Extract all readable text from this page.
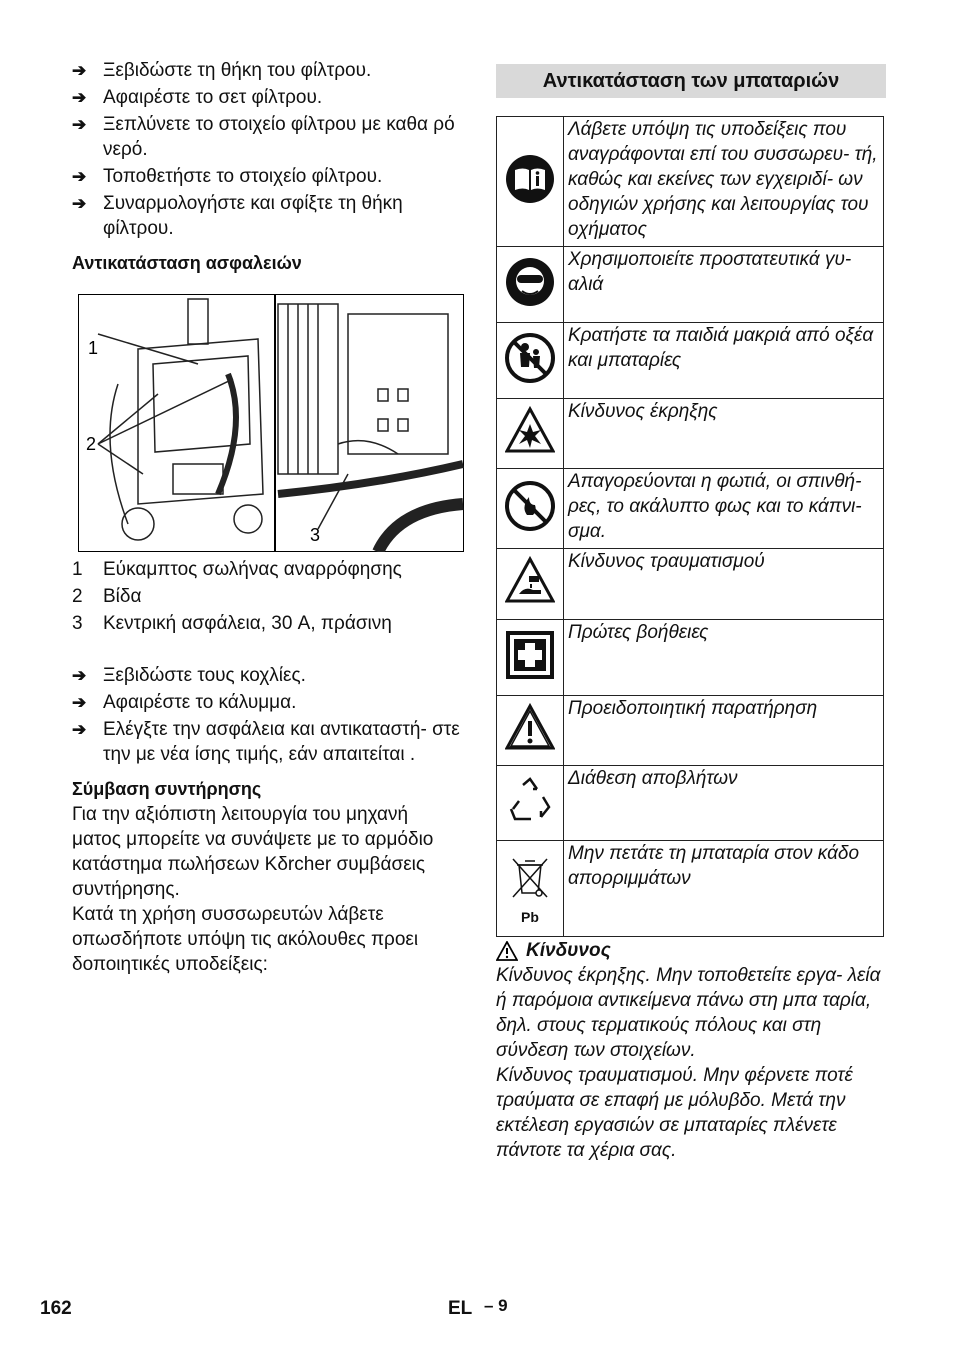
➔ Ξεβιδώστε τη θήκη του φίλτρου.
➔ Αφαιρέστε το σετ φίλτρου.
➔ Ξεπλύνετε το στοιχείο φίλτρου με καθα ρό νερό.
➔ Τοποθετήστε το στοιχείο φίλτρου.
➔ Συναρμολογήστε και σφίξτε τη θήκη φίλτρου.
Αντικατάσταση ασφαλειών
1
2
3
1	Εύκαμπτος σωλήνας αναρρόφησης
2	Βίδα
3	Κεντρική ασφάλεια, 30 A, πράσινη
➔ Ξεβιδώστε τους κοχλίες.
➔ Αφαιρέστε το κάλυμμα.
➔ Ελέγξτε την ασφάλεια και αντικαταστή- στε την με νέα ίσης τιμής, εάν απαιτείται .
Σύμβαση συντήρησης
Για την αξιόπιστη λειτουργία του μηχανή ματος μπορείτε να συνάψετε με το αρμόδιο κατάστημα πωλήσεων Kδrcher συμβάσεις συντήρησης.
Κατά τη χρήση συσσωρευτών λάβετε οπωσδήποτε υπόψη τις ακόλουθες προει δοποιητικές υποδείξεις:
Αντικατάσταση των μπαταριών
	Λάβετε υπόψη τις υποδείξεις που αναγράφονται επί του συσσωρευ- τή, καθώς και εκείνες των εγχειριδί- ων οδηγιών χρήσης και λειτουργίας του οχήματος
	Χρησιμοποιείτε προστατευτικά γυ- αλιά
	Κρατήστε τα παιδιά μακριά από οξέα και μπαταρίες
	Κίνδυνος έκρηξης
	Απαγορεύονται η φωτιά, οι σπινθή- ρες, το ακάλυπτο φως και το κάπνι- σμα.
	Κίνδυνος τραυματισμού
	Πρώτες βοήθειες
	Προειδοποιητική παρατήρηση
	Διάθεση αποβλήτων

Pb	Μην πετάτε τη μπαταρία στον κάδο απορριμμάτων
Κίνδυνος
Κίνδυνος έκρηξης. Μην τοποθετείτε εργα- λεία ή παρόμοια αντικείμενα πάνω στη μπα ταρία, δηλ. στους τερματικούς πόλους και στη σύνδεση των στοιχείων.
Κίνδυνος τραυματισμού. Μην φέρνετε ποτέ τραύματα σε επαφή με μόλυβδο. Μετά την εκτέλεση εργασιών σε μπαταρίες πλένετε πάντοτε τα χέρια σας.
162	EL – 9
